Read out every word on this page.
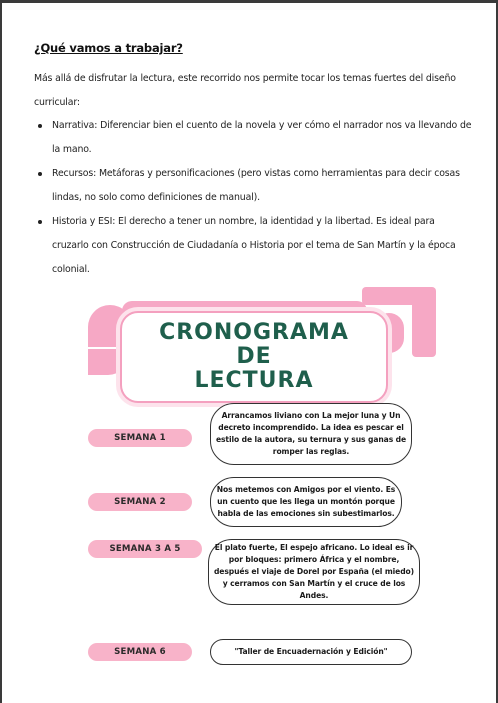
¿Qué vamos a trabajar?
Más allá de disfrutar la lectura, este recorrido nos permite tocar los temas fuertes del diseño curricular:
Narrativa: Diferenciar bien el cuento de la novela y ver cómo el narrador nos va llevando de la mano.
Recursos: Metáforas y personificaciones (pero vistas como herramientas para decir cosas lindas, no solo como definiciones de manual).
Historia y ESI: El derecho a tener un nombre, la identidad y la libertad. Es ideal para cruzarlo con Construcción de Ciudadanía o Historia por el tema de San Martín y la época colonial.
CRONOGRAMA
DE
LECTURA
SEMANA 1
Arrancamos liviano con La mejor luna y Un decreto incomprendido. La idea es pescar el estilo de la autora, su ternura y sus ganas de romper las reglas.
SEMANA 2
Nos metemos con Amigos por el viento. Es un cuento que les llega un montón porque habla de las emociones sin subestimarlos.
SEMANA 3 A 5	El plato fuerte, El espejo africano. Lo ideal es ir por bloques: primero África y el nombre, después el viaje de Dorel por España (el miedo) y cerramos con San Martín y el cruce de los Andes.
SEMANA 6	"Taller de Encuadernación y Edición"
